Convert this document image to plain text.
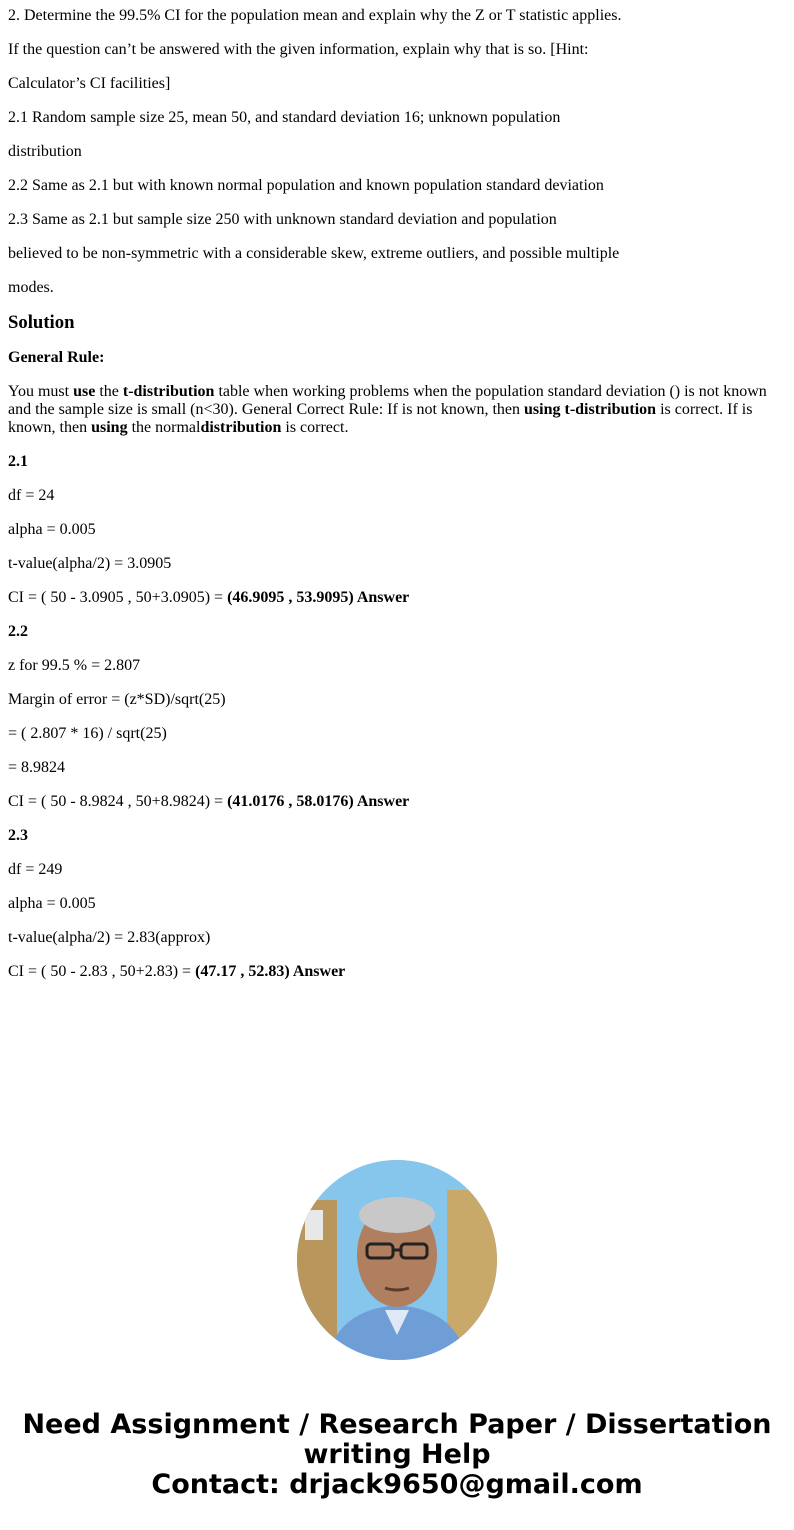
2. Determine the 99.5% CI for the population mean and explain why the Z or T statistic applies.

If the question can’t be answered with the given information, explain why that is so. [Hint:

Calculator’s CI facilities]

2.1 Random sample size 25, mean 50, and standard deviation 16; unknown population

distribution

2.2 Same as 2.1 but with known normal population and known population standard deviation

2.3 Same as 2.1 but sample size 250 with unknown standard deviation and population

believed to be non-symmetric with a considerable skew, extreme outliers, and possible multiple

modes.

Solution

General Rule:

You must use the t-distribution table when working problems when the population standard deviation () is not known and the sample size is small (n<30). General Correct Rule: If is not known, then using t-distribution is correct. If is known, then using the normaldistribution is correct.

2.1

df = 24

alpha = 0.005

t-value(alpha/2) = 3.0905

CI = ( 50 - 3.0905 , 50+3.0905) = (46.9095 , 53.9095) Answer

2.2

z for 99.5 % = 2.807

Margin of error = (z*SD)/sqrt(25)

= ( 2.807 * 16) / sqrt(25)

= 8.9824

CI = ( 50 - 8.9824 , 50+8.9824) = (41.0176 , 58.0176) Answer

2.3

df = 249

alpha = 0.005

t-value(alpha/2) = 2.83(approx)

CI = ( 50 - 2.83 , 50+2.83) = (47.17 , 52.83) Answer

Need Assignment / Research Paper / Dissertation
writing Help
Contact: drjack9650@gmail.com
